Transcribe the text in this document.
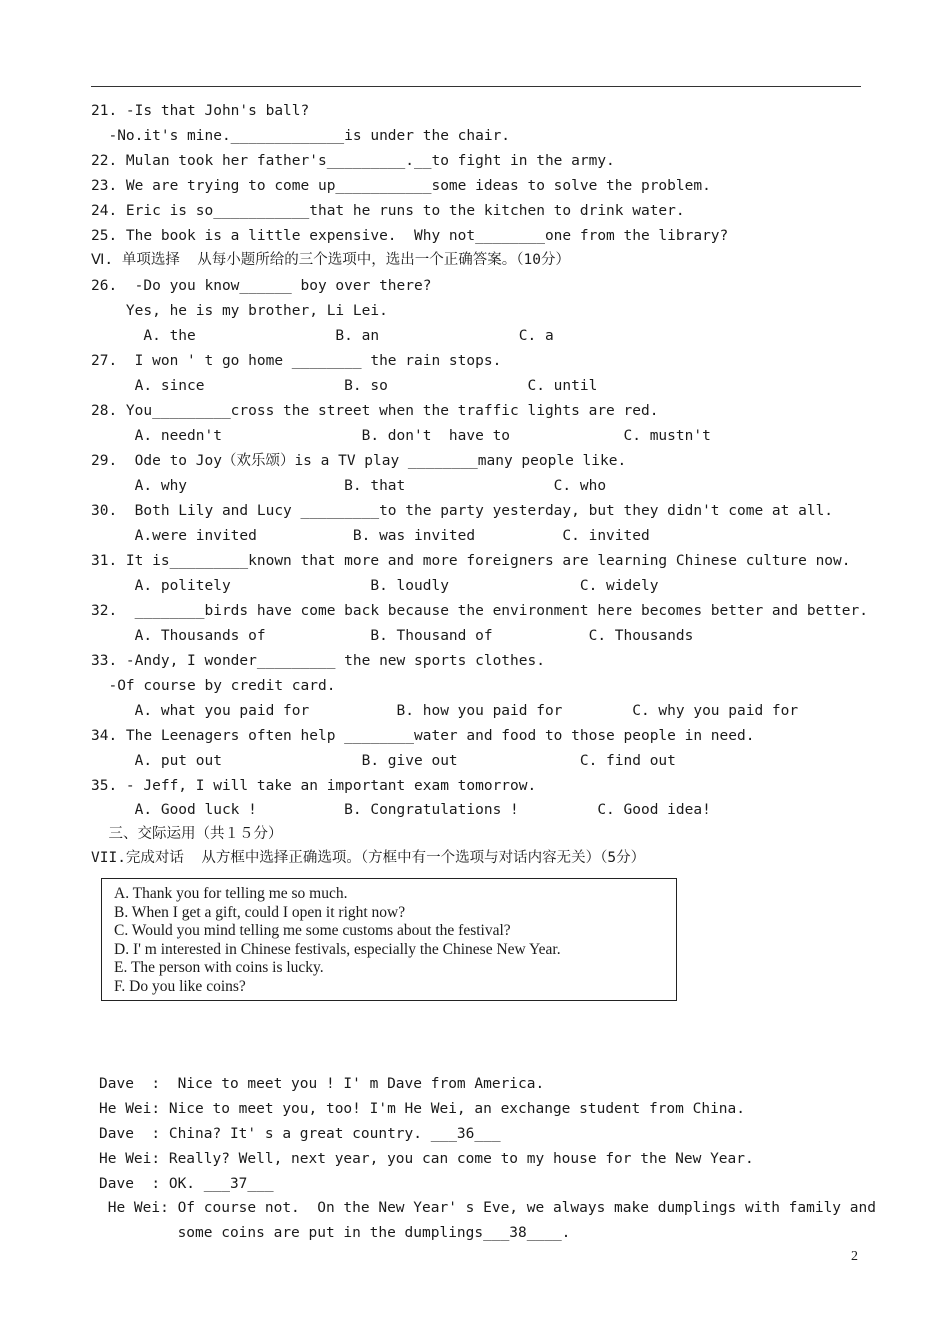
21. -Is that John's ball?
-No.it's mine._____________is under the chair.
22. Mulan took her father's_________.__to fight in the army.
23. We are trying to come up___________some ideas to solve the problem.
24. Eric is so___________that he runs to the kitchen to drink water.
25. The book is a little expensive.  Why not________one from the library?
Ⅵ. 单项选择  从每小题所给的三个选项中，选出一个正确答案。（10分）
26.  -Do you know______ boy over there?
Yes, he is my brother, Li Lei.
A. the                B. an                C. a
27.  I won ' t go home ________ the rain stops.
A. since                B. so                C. until
28. You_________cross the street when the traffic lights are red.
A. needn't                B. don't  have to             C. mustn't
29.  Ode to Joy（欢乐颂）is a TV play ________many people like.
A. why                  B. that                 C. who
30.  Both Lily and Lucy _________to the party yesterday, but they didn't come at all.
A.were invited           B. was invited          C. invited
31. It is_________known that more and more foreigners are learning Chinese culture now.
A. politely                B. loudly               C. widely
32.  ________birds have come back because the environment here becomes better and better.
A. Thousands of            B. Thousand of           C. Thousands
33. -Andy, I wonder_________ the new sports clothes.
-Of course by credit card.
A. what you paid for          B. how you paid for        C. why you paid for
34. The Leenagers often help ________water and food to those people in need.
A. put out                B. give out              C. find out
35. - Jeff, I will take an important exam tomorrow.
A. Good luck !          B. Congratulations !         C. Good idea!
三、交际运用（共１５分）
VII.完成对话  从方框中选择正确选项。（方框中有一个选项与对话内容无关）（5分）
Dave  :  Nice to meet you ! I' m Dave from America.
He Wei: Nice to meet you, too! I'm He Wei, an exchange student from China.
Dave  : China? It' s a great country. ___36___
He Wei: Really? Well, next year, you can come to my house for the New Year.
Dave  : OK. ___37___
He Wei: Of course not.  On the New Year' s Eve, we always make dumplings with family and
some coins are put in the dumplings___38____.
A. Thank you for telling me so much.
B. When I get a gift, could I open it right now?
C. Would you mind telling me some customs about the festival?
D. I' m interested in Chinese festivals, especially the Chinese New Year.
E. The person with coins is lucky.
F. Do you like coins?
2
